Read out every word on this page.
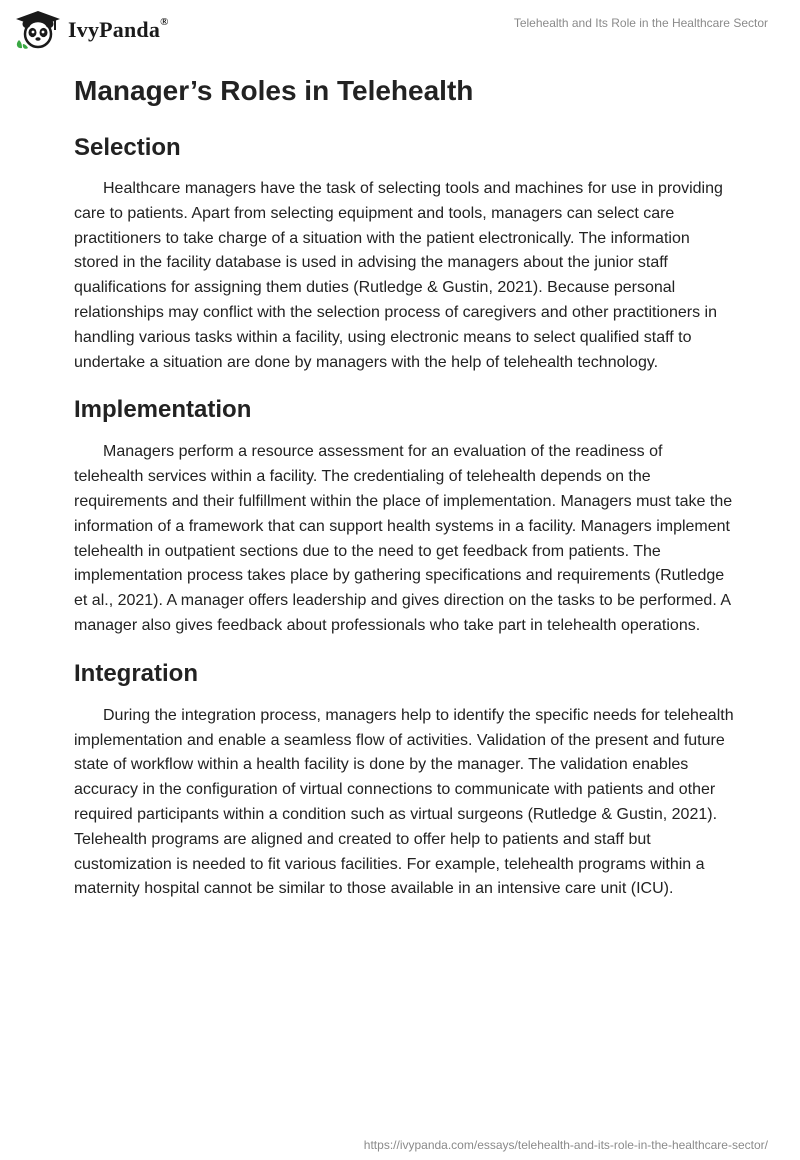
IvyPanda®	Telehealth and Its Role in the Healthcare Sector
Manager’s Roles in Telehealth
Selection

Healthcare managers have the task of selecting tools and machines for use in providing care to patients. Apart from selecting equipment and tools, managers can select care practitioners to take charge of a situation with the patient electronically. The information stored in the facility database is used in advising the managers about the junior staff qualifications for assigning them duties (Rutledge & Gustin, 2021). Because personal relationships may conflict with the selection process of caregivers and other practitioners in handling various tasks within a facility, using electronic means to select qualified staff to undertake a situation are done by managers with the help of telehealth technology.

Implementation

Managers perform a resource assessment for an evaluation of the readiness of telehealth services within a facility. The credentialing of telehealth depends on the requirements and their fulfillment within the place of implementation. Managers must take the information of a framework that can support health systems in a facility. Managers implement telehealth in outpatient sections due to the need to get feedback from patients. The implementation process takes place by gathering specifications and requirements (Rutledge et al., 2021). A manager offers leadership and gives direction on the tasks to be performed. A manager also gives feedback about professionals who take part in telehealth operations.

Integration

During the integration process, managers help to identify the specific needs for telehealth implementation and enable a seamless flow of activities. Validation of the present and future state of workflow within a health facility is done by the manager. The validation enables accuracy in the configuration of virtual connections to communicate with patients and other required participants within a condition such as virtual surgeons (Rutledge & Gustin, 2021). Telehealth programs are aligned and created to offer help to patients and staff but customization is needed to fit various facilities. For example, telehealth programs within a maternity hospital cannot be similar to those available in an intensive care unit (ICU).

https://ivypanda.com/essays/telehealth-and-its-role-in-the-healthcare-sector/
